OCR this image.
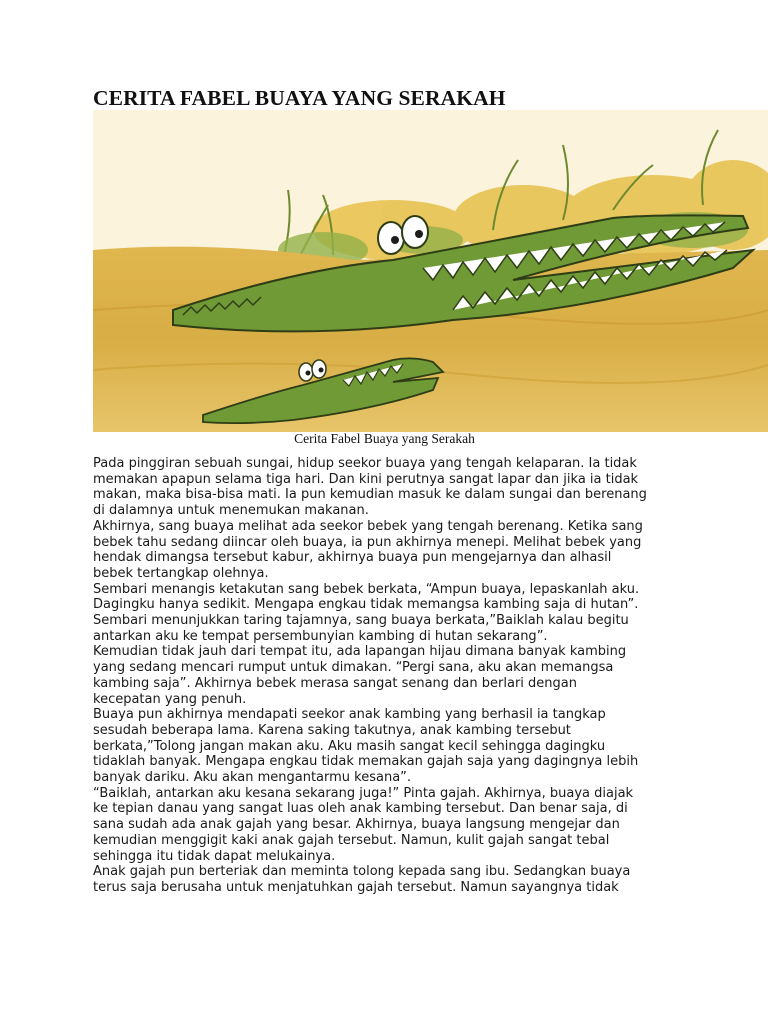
CERITA FABEL BUAYA YANG SERAKAH
Cerita Fabel Buaya yang Serakah
Pada pinggiran sebuah sungai, hidup seekor buaya yang tengah kelaparan. Ia tidak
memakan apapun selama tiga hari. Dan kini perutnya sangat lapar dan jika ia tidak
makan, maka bisa-bisa mati. Ia pun kemudian masuk ke dalam sungai dan berenang
di dalamnya untuk menemukan makanan.
Akhirnya, sang buaya melihat ada seekor bebek yang tengah berenang. Ketika sang
bebek tahu sedang diincar oleh buaya, ia pun akhirnya menepi. Melihat bebek yang
hendak dimangsa tersebut kabur, akhirnya buaya pun mengejarnya dan alhasil
bebek tertangkap olehnya.
Sembari menangis ketakutan sang bebek berkata, “Ampun buaya, lepaskanlah aku.
Dagingku hanya sedikit. Mengapa engkau tidak memangsa kambing saja di hutan”.
Sembari menunjukkan taring tajamnya, sang buaya berkata,”Baiklah kalau begitu
antarkan aku ke tempat persembunyian kambing di hutan sekarang”.
Kemudian tidak jauh dari tempat itu, ada lapangan hijau dimana banyak kambing
yang sedang mencari rumput untuk dimakan. “Pergi sana, aku akan memangsa
kambing saja”. Akhirnya bebek merasa sangat senang dan berlari dengan
kecepatan yang penuh.
Buaya pun akhirnya mendapati seekor anak kambing yang berhasil ia tangkap
sesudah beberapa lama. Karena saking takutnya, anak kambing tersebut
berkata,”Tolong jangan makan aku. Aku masih sangat kecil sehingga dagingku
tidaklah banyak. Mengapa engkau tidak memakan gajah saja yang dagingnya lebih
banyak dariku. Aku akan mengantarmu kesana”.
“Baiklah, antarkan aku kesana sekarang juga!” Pinta gajah. Akhirnya, buaya diajak
ke tepian danau yang sangat luas oleh anak kambing tersebut. Dan benar saja, di
sana sudah ada anak gajah yang besar. Akhirnya, buaya langsung mengejar dan
kemudian menggigit kaki anak gajah tersebut. Namun, kulit gajah sangat tebal
sehingga itu tidak dapat melukainya.
Anak gajah pun berteriak dan meminta tolong kepada sang ibu. Sedangkan buaya
terus saja berusaha untuk menjatuhkan gajah tersebut. Namun sayangnya tidak
